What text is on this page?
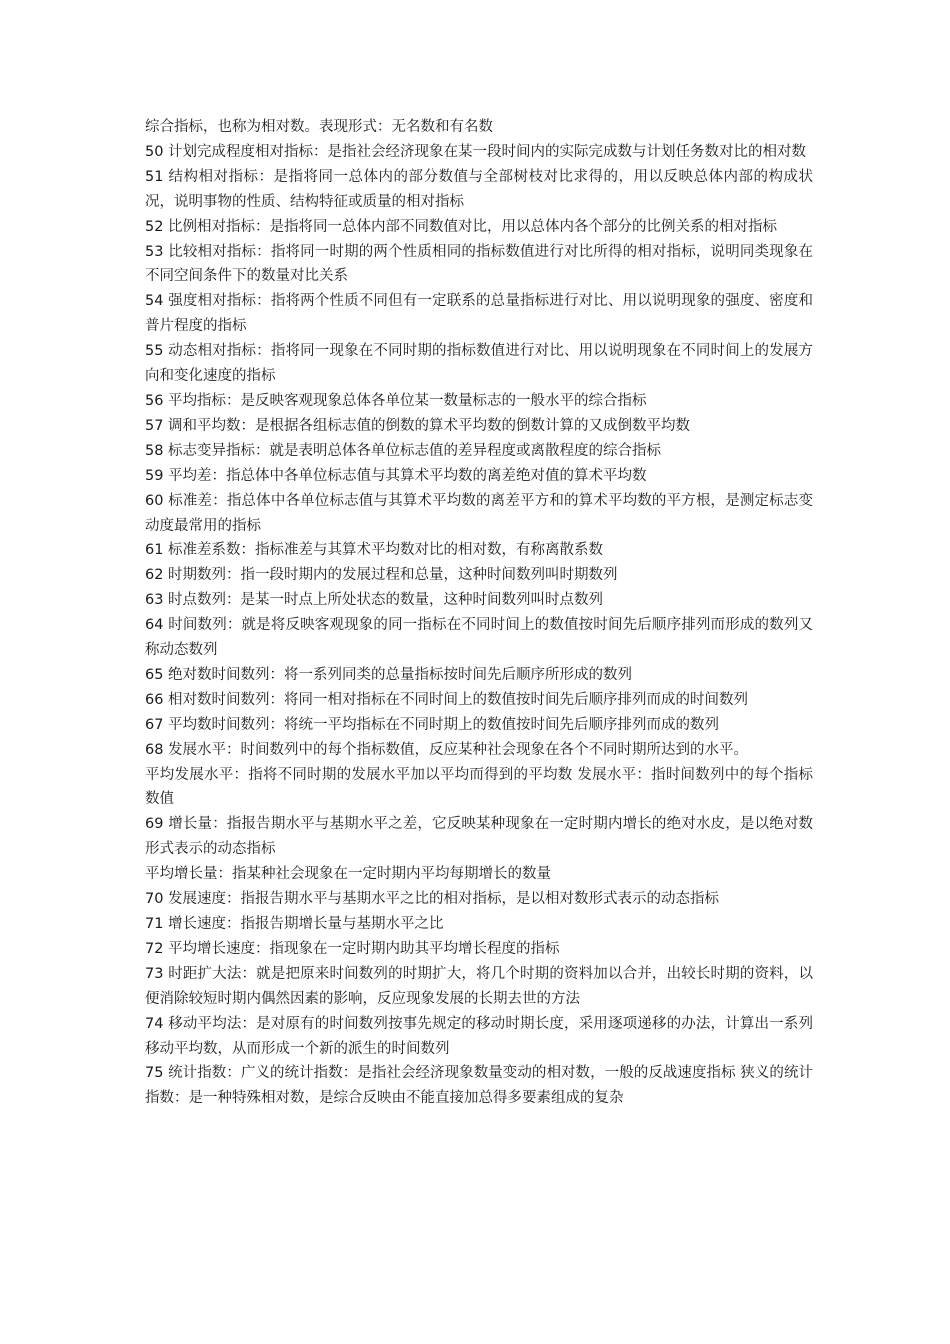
综合指标，也称为相对数。表现形式：无名数和有名数

50 计划完成程度相对指标：是指社会经济现象在某一段时间内的实际完成数与计划任务数对比的相对数

51 结构相对指标：是指将同一总体内的部分数值与全部树枝对比求得的，用以反映总体内部的构成状况，说明事物的性质、结构特征或质量的相对指标

52 比例相对指标：是指将同一总体内部不同数值对比，用以总体内各个部分的比例关系的相对指标

53 比较相对指标：指将同一时期的两个性质相同的指标数值进行对比所得的相对指标，说明同类现象在不同空间条件下的数量对比关系

54 强度相对指标：指将两个性质不同但有一定联系的总量指标进行对比、用以说明现象的强度、密度和普片程度的指标

55 动态相对指标：指将同一现象在不同时期的指标数值进行对比、用以说明现象在不同时间上的发展方向和变化速度的指标

56 平均指标：是反映客观现象总体各单位某一数量标志的一般水平的综合指标

57 调和平均数：是根据各组标志值的倒数的算术平均数的倒数计算的又成倒数平均数

58 标志变异指标：就是表明总体各单位标志值的差异程度或离散程度的综合指标

59 平均差：指总体中各单位标志值与其算术平均数的离差绝对值的算术平均数

60 标准差：指总体中各单位标志值与其算术平均数的离差平方和的算术平均数的平方根，是测定标志变动度最常用的指标

61 标准差系数：指标准差与其算术平均数对比的相对数，有称离散系数

62 时期数列：指一段时期内的发展过程和总量，这种时间数列叫时期数列

63 时点数列：是某一时点上所处状态的数量，这种时间数列叫时点数列

64 时间数列：就是将反映客观现象的同一指标在不同时间上的数值按时间先后顺序排列而形成的数列又称动态数列

65 绝对数时间数列：将一系列同类的总量指标按时间先后顺序所形成的数列

66 相对数时间数列：将同一相对指标在不同时间上的数值按时间先后顺序排列而成的时间数列

67 平均数时间数列：将统一平均指标在不同时期上的数值按时间先后顺序排列而成的数列

68 发展水平：时间数列中的每个指标数值，反应某种社会现象在各个不同时期所达到的水平。

平均发展水平：指将不同时期的发展水平加以平均而得到的平均数 发展水平：指时间数列中的每个指标数值

69 增长量：指报告期水平与基期水平之差，它反映某种现象在一定时期内增长的绝对水皮，是以绝对数形式表示的动态指标

平均增长量：指某种社会现象在一定时期内平均每期增长的数量

70 发展速度：指报告期水平与基期水平之比的相对指标，是以相对数形式表示的动态指标

71 增长速度：指报告期增长量与基期水平之比

72 平均增长速度：指现象在一定时期内助其平均增长程度的指标

73 时距扩大法：就是把原来时间数列的时期扩大，将几个时期的资料加以合并，出较长时期的资料，以便消除较短时期内偶然因素的影响，反应现象发展的长期去世的方法

74 移动平均法：是对原有的时间数列按事先规定的移动时期长度，采用逐项递移的办法，计算出一系列移动平均数，从而形成一个新的派生的时间数列

75 统计指数：广义的统计指数：是指社会经济现象数量变动的相对数，一般的反战速度指标 狭义的统计指数：是一种特殊相对数，是综合反映由不能直接加总得多要素组成的复杂
